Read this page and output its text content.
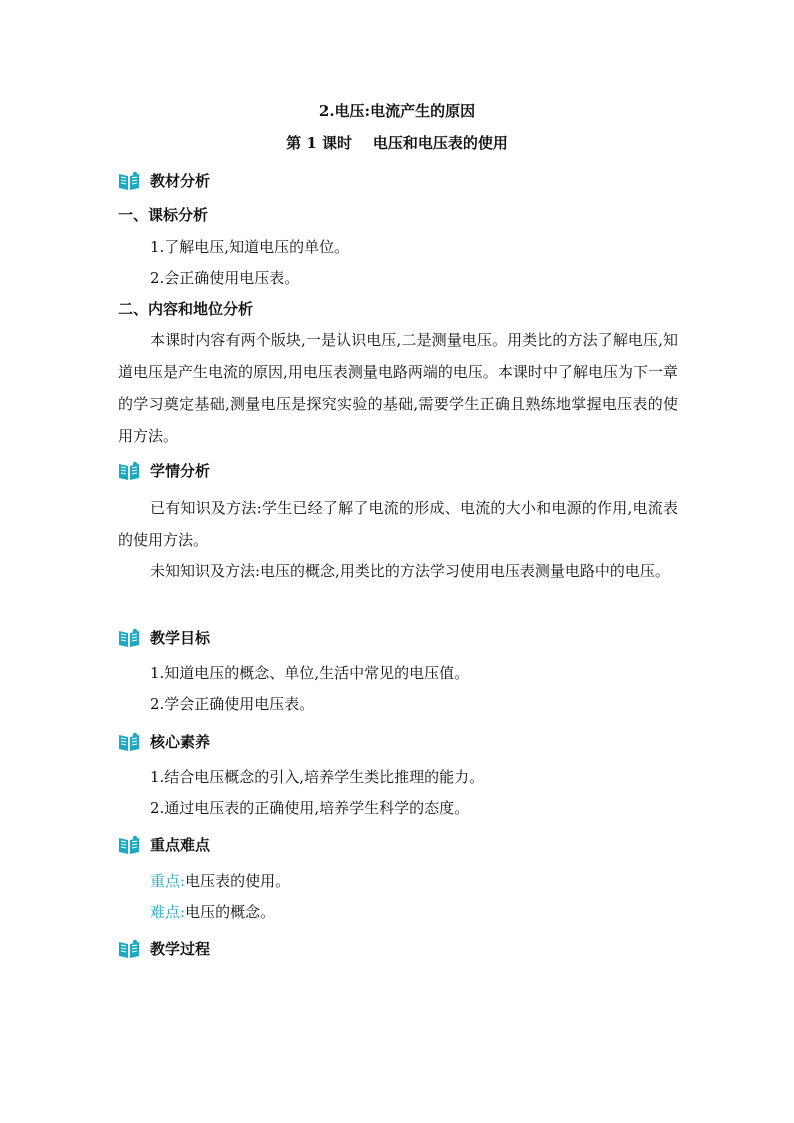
2.电压:电流产生的原因
第 1 课时    电压和电压表的使用
教材分析
一、课标分析
1.了解电压,知道电压的单位。
2.会正确使用电压表。
二、内容和地位分析
本课时内容有两个版块,一是认识电压,二是测量电压。用类比的方法了解电压,知道电压是产生电流的原因,用电压表测量电路两端的电压。本课时中了解电压为下一章的学习奠定基础,测量电压是探究实验的基础,需要学生正确且熟练地掌握电压表的使用方法。
学情分析
已有知识及方法:学生已经了解了电流的形成、电流的大小和电源的作用,电流表的使用方法。
未知知识及方法:电压的概念,用类比的方法学习使用电压表测量电路中的电压。
教学目标
1.知道电压的概念、单位,生活中常见的电压值。
2.学会正确使用电压表。
核心素养
1.结合电压概念的引入,培养学生类比推理的能力。
2.通过电压表的正确使用,培养学生科学的态度。
重点难点
重点:电压表的使用。
难点:电压的概念。
教学过程
